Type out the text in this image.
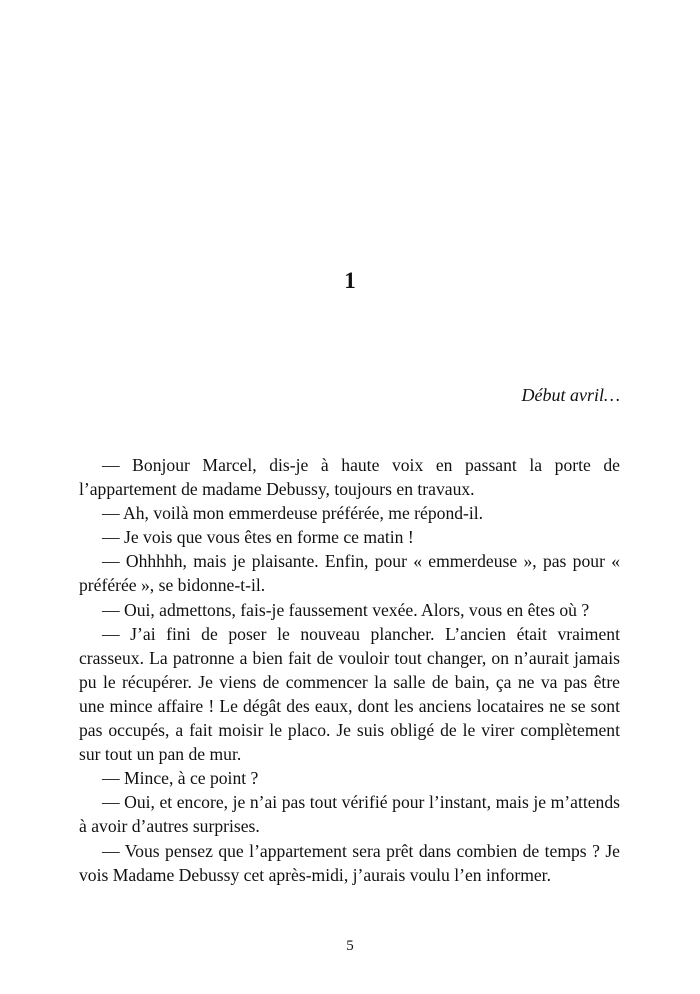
1
Début avril…

— Bonjour Marcel, dis-je à haute voix en passant la porte de l’appartement de madame Debussy, toujours en travaux.

— Ah, voilà mon emmerdeuse préférée, me répond-il.

— Je vois que vous êtes en forme ce matin !

— Ohhhhh, mais je plaisante. Enfin, pour « emmerdeuse », pas pour « préférée », se bidonne-t-il.

— Oui, admettons, fais-je faussement vexée. Alors, vous en êtes où ?

— J’ai fini de poser le nouveau plancher. L’ancien était vraiment crasseux. La patronne a bien fait de vouloir tout changer, on n’aurait jamais pu le récupérer. Je viens de commencer la salle de bain, ça ne va pas être une mince affaire ! Le dégât des eaux, dont les anciens locataires ne se sont pas occupés, a fait moisir le placo. Je suis obligé de le virer complètement sur tout un pan de mur.

— Mince, à ce point ?

— Oui, et encore, je n’ai pas tout vérifié pour l’instant, mais je m’attends à avoir d’autres surprises.

— Vous pensez que l’appartement sera prêt dans combien de temps ? Je vois Madame Debussy cet après-midi, j’aurais voulu l’en informer.

5
